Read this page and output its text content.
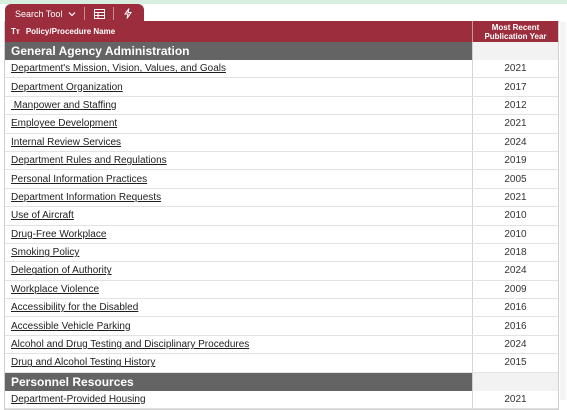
Search Tool
Tт Policy/Procedure Name	Most Recent
Publication Year
General Agency Administration
Department's Mission, Vision, Values, and Goals	2021
Department Organization	2017
Manpower and Staffing	2012
Employee Development	2021
Internal Review Services	2024
Department Rules and Regulations	2019
Personal Information Practices	2005
Department Information Requests	2021
Use of Aircraft	2010
Drug-Free Workplace	2010
Smoking Policy	2018
Delegation of Authority	2024
Workplace Violence	2009
Accessibility for the Disabled	2016
Accessible Vehicle Parking	2016
Alcohol and Drug Testing and Disciplinary Procedures	2024
Drug and Alcohol Testing History	2015
Personnel Resources
Department-Provided Housing	2021
